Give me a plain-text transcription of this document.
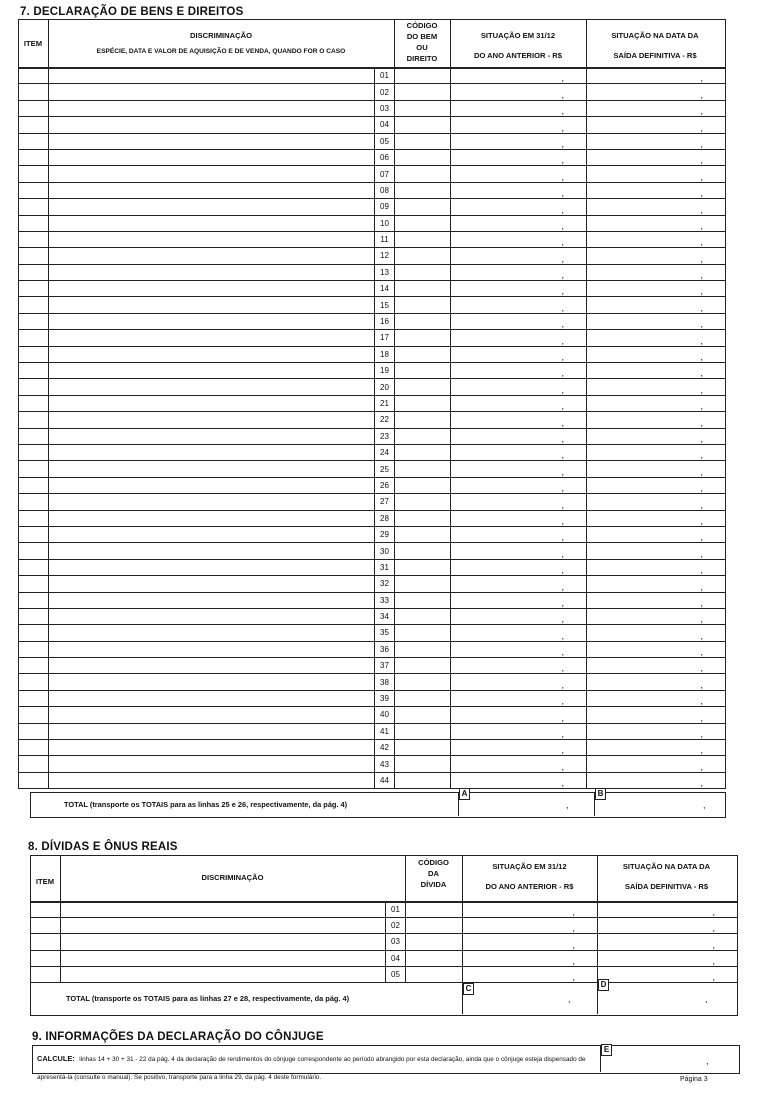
7. DECLARAÇÃO DE BENS E DIREITOS
ITEM
DISCRIMINAÇÃO
ESPÉCIE, DATA E VALOR DE AQUISIÇÃO E DE VENDA, QUANDO FOR O CASO
CÓDIGO
DO BEM
OU
DIREITO
SITUAÇÃO EM 31/12
DO ANO ANTERIOR - R$
SITUAÇÃO NA DATA DA
SAÍDA DEFINITIVA - R$
		01		,	,

		02		,	,

		03		,	,

		04		,	,

		05		,	,

		06		,	,

		07		,	,

		08		,	,

		09		,	,

		10		,	,

		11		,	,

		12		,	,

		13		,	,

		14		,	,

		15		,	,

		16		,	,

		17		,	,

		18		,	,

		19		,	,

		20		,	,

		21		,	,

		22		,	,

		23		,	,

		24		,	,

		25		,	,

		26		,	,

		27		,	,

		28		,	,

		29		,	,

		30		,	,

		31		,	,

		32		,	,

		33		,	,

		34		,	,

		35		,	,

		36		,	,

		37		,	,

		38		,	,

		39		,	,

		40		,	,

		41		,	,

		42		,	,

		43		,	,

		44		,	,
TOTAL (transporte os TOTAIS para as linhas 25 e 26, respectivamente, da pág. 4)
A	B
,	,
8. DÍVIDAS E ÔNUS REAIS
ITEM	DISCRIMINAÇÃO
CÓDIGO
DA
DÍVIDA
SITUAÇÃO EM 31/12
DO ANO ANTERIOR - R$
SITUAÇÃO NA DATA DA
SAÍDA DEFINITIVA - R$
		01		,	,

		02		,	,

		03		,	,

		04		,	,

		05		,	,
TOTAL (transporte os TOTAIS para as linhas 27 e 28, respectivamente, da pág. 4)
C	D
,	,
9. INFORMAÇÕES DA DECLARAÇÃO DO CÔNJUGE
CALCULE: linhas 14 + 30 + 31 - 22 da pág. 4 da declaração de rendimentos do cônjuge correspondente ao período abrangido por esta declaração, ainda que o cônjuge esteja dispensado de apresentá-la (consulte o manual). Se positivo, transporte para a linha 29, da pág. 4 deste formulário.
E
,
Página 3
